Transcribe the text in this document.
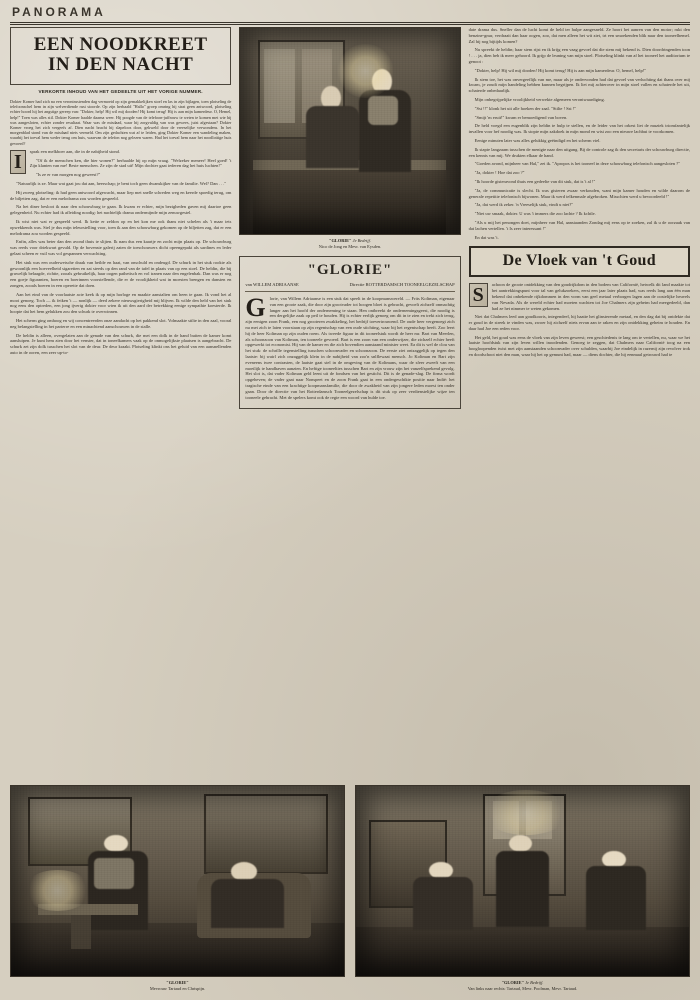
PANORAMA
EEN NOODKREET
IN DEN NACHT
VERKORTE INHOUD VAN HET GEDEELTE UIT HET VORIGE NUMMER.

Dokter Komer had zich na een verontrustenden dag vermoeid op zijn gemakkelijken stoel en las in zijn bijlagen, toen plotseling de telefoonschel hem in zijn welverdiende rust stoorde. Op zijn herhaald "Hallo" groep omring hij strat geen antwoord, plotseling echter hoord hij het angstige gereep van: "Dokter, help! Hij wil mij dooden! Hij komt terug! Hij is aan mijn kamerdeur. O, Hemel, help!" Toen was alles stil. Dokter Komer haalde daarna weer. Hij poogde van de telefoon-juffrouw te weten te komen met wie hij was aangesloten, echter zonder resultaat. Waar was de misdaad, waar hij zorgvuldig van was gewees, juist afgestaan? Dokter Komer vroeg het zich vergeefs af. Dien nacht bracht hij slapeloos door, gekweld door de vreeselijke verwondens. In het morgenblad stond van de misdaad niets vermeld. Om zijn gedachten wat af te leiden, ging Dokter Komer een wandeling maken, waarbij het toeval hem weder terug om huis, waarvan de telefon nog gelezen waren. Had het toeval hem naar het noodlottige huis gevoerd?

I	sprak een melkboer aan, die in de nabijheid stond.

"Of ik de menschen ken, die hier wonen?" herhaalde hij op mijn vraag. "Welzeker meneer! Heel goed! 't Zijn klanten van me! Beste menschen. Ze zijn de stad uit! Mijn dochter gaat iederen dag het huis luchten!"

"Is ze er van morgen nog geweest?"

"Natuurlijk is ze. Maar wat gaat jou dat aan, heerschap; je bent toch geen dwanskijker van de familie. Wel? Dan . . ."

Hij zweeg plotseling: ik had geen antwoord afgewacht, maar liep met snelle schreden weg en keerde spoedig terug, om de biljetten zag, dat er een melodrama zou worden gespeeld.

Na het diner besloot ik naar den schouwburg te gaan. Ik kwam er echter, mijn bezigheden gaven mij daartoe geen gelegenheid. Nu echter had ik afleiding noodig: het nachtelijk drama ondermijnde mijn zenuwgestel.

Ik wist niet wat er gespeeld werd. Ik kette er zeldon op en het kon me ook thans niet schelen als 't maar iets opwekkends was. Stel je dus mijn teleurstelling voor, toen ik aan den schouwburg gekomen op de biljetten zag, dat er een melodrama zou worden gespeeld.

Enfin, alles was beter dan den avond thuis te slijten. Ik nam dus een kaartje en zocht mijn plaats op. De schouwburg was reeds voor driekwart gevuld. Op de bovenste galerij zaten de toeschouwers dicht opeengepakt als sardines en leder gelaat scheen er vuil was vol gespannen verwachting.

Het stuk was een ouderwetsche draak van heilde en haat, van onschuld en ondeugd. De schurk in het stuk rookte als gewoonlijk een hoeveelheid sigaretten en zat steeds op den rand van de tafel in plaats van op een stoel. De heldin, die bij gruwelijk belaagde, richtte, zooals gebruikelijk, haar oogen pathetisch en vol tranen naar den engelenbak. Dan was er nog een goeje figuranten, boeren en boerinnen voorstellende, die er de vroolijkheid wat in moesten brengen en dansten en zongen, zooals boeren in een operette dat doen.

Aan het eind van de voorlaatste acte keek ik op mijn horloge en maakte aanstalten om heen te gaan. Ik vond het al mooi genoeg. Toch — ik feiken 't — nonlijk — deed zekere nieuwsgierigheid mij blijven. Ik wilde den held van het stuk nog eens den optreden, een jong ijverig dokter voor wien ik uit den aard der betrekking eenige sympathie koesterde. Ik hoopte dat het hem gelukken zou den schurk te overwinnen.

Het scherm ging omhoog en wij concentreerden onze aandacht op het pakkend slot. Volmaakte stilte in den zaal, vooral neg belangstelling in het parterre en een minachtend aanschouwen in de stalle.

De heldin is alleen, overgelaten aan de genade van den schurk, die met een dolk in de hand buiten de kamer komt aansluipen. Je kunt hem zien door het venster, dat in toneelkamers vaak op de onmogelijkste plaatsen is aangebracht. De schurk zet zijn dolk tusschen het slot van de deur. De deur kraakt. Plotseling klinkt ons het geluid van een aansnellenden auto in de ooren, een zeer up-to-

"GLORIE" Je Bedrijf.
Nico de Jong en Mevr. van Eysden.
"GLORIE"
van WILLEM ADRIAANSE	Directie ROTTERDAMSCH TOONEELGEZELSCHAP

Glorie, van Willem Adriaanse is een stuk dat speelt in de koopmanswereld. — Frits Koltman, eigenaar van een groote zaak, die door zijn grootvader tot hoogen bloei is gebracht, gevoelt zichzelf onmachtig langer aan het hoofd der onderneming te staan. Hen ontbreekt de ondernemingsgeest, die noodig is een dergelijke zaak op peil te houden. Hij is echter eerlijk genoeg om dit in te zien en trekt zich terug, zijn eenigen zoon Frank, een nog grooteren zwakkeling, het bedrijf toevertrouwend. De oude heer vergenoegt zich nu met zich te laten voorstaan op zijn regentschap van een oude stichting, waar bij het regentschap heeft. Zoo leert hij de heer Koltman op zijn ouden roem. Als tweede figuur in dit tooneelstuk wordt de heer mr. Bart van Meerlen, als schoonzoon van Koltman, ten tooneele gevoerd. Bart is een zoon van een onderwijzer, die zichzelf echter heeft opgewerkt tot economist. Hij van de kamer en die zich bovendien aanstaand minister weet. Ea dit is wel de clou van het stuk: de schrille tegenstelling tusschen schoonvader en schoonzoon. De eerste ziet ontzaggelijk op tegen den laatste: bij wairl zich onzaggelijk klein in de nabijheid van zoo'n snlflewaat mensch. Jo Koltman en Bart zijn eveneens twee contrasten, de laatste gaat stel in de omgeving van de Koltmans, waar de sfeer zweeft van een moeilijk te handhaven aanzien. En heftige tooneelties tusschen Bart en zijn vrouw zijn het vanzelfsprekend gevolg. Het slot is, dat vader Koltman geld leent uit de fondsen van het gesticht. Dit is de genade-slag. De firma wordt opgeheven; de vader gaat naar Nonspeet en de zoon Frank gaat in een ondergeschikte positie naar Indië: het tragische einde van een krachtige koopmansfamilie, die door de zwakheid van zijn jongere leden moest ten onder gaan. Door de directie van het Rotterdamsch Tooneelgezelschap is dit stuk op zeer verdienstelijke wijze ten tooneele gebracht. Met de spelers komt ook de regie een woord van hulde toe.

date drama dus. Sneller dan de lucht komt de held ter hulpe aangesneld. Ze hoort het aanren van den motor; rukt den benzine-gnur, verdraait dan haar oogen, zoo, dat men alleen het wit ziet, trt een smoekenden blik naar den tooneelhemel. Zal hij nog bijtijds komen?

Nu spreekt de heldin; haar stem rijst en ik krijg een vaag gevoel dat die stem mij bekend is. Dien doordringenden toon ! . . . ja, dien heb ik meer gehoord. Ik grijp de leuning van mijn stoel. Plotseling klinkt van af het tooneel het auditorium te genoot :

"Dokter, help! Hij wil mij dooden! Hij komt terug! Hij is aan mijn kamerdeur. O, hemel, help!"

Ik stem toe, het was onvergeeflijk van me, maar als je ondervonden had dat gevoel van verluchting dat thans over mij kwam, je zoudt mijn handeling hebben kunnen begrijpen. Ik liet mij achterover in mijn stoel vallen en schaterde het uit, schaterde onbedaarlijk.

Mijn onbegrijpelijke vroolijkheid verwekte algemeen verontwaardiging.

"Sst !!" klonk het uit alle hoeken der zaal. "Stilte ! Sst !"

"Smijt 'm eruit!" kwam er bemoedigend van boven.

De held voegd een eugenblik zijn heldin te hulp te stellen, en de leider van het orkest liet de muziek triomfantelijk invallen voor hef noodig was. Ik stopte mijn zakdoek in mijn mond en wist zoo een nieuwe lachbui te voorkomen.

Eenige minuten later was alles gelukkig geëindigd en het scherm viel.

Ik stapte langzaam tusschen de menigte naar den uitgang. Bij de controle zag ik den secretaris der schouwburg directie, een kennis van mij. We drukten elkaar de hand.

"Goeden avond, mijnheer van Hal," zei ik. "Apropos is het tooneel in deze schouwburg telefonisch aangesloten ?"

"Ja, dokter ! Hoe dat zoo ?"

"Ik hoorde gisteravond thuis een gedeelte van dit stuk, dat is 't al !"

"Ja, de communicatie is slecht. Ik was gisteren zwaar verkouden, want mijn kamer houden en wilde daarom de generale repetitie telefonisch bijwonen. Maar ik werd telkenmale afgebroken. Misschien werd u bevoordeeld !"

"Ja, dat werd ik zeker. 'n Vreeselijk stuk, vindt u niet?"

"Niet uw smaak, dokter. U was 't immers die zoo lachte ? Ik kchtle.

"Als u mij het penongen doet, mijnheer van Hal, aanstaanden Zondag mij eens op te zoeken, zal ik u de oorzaak van dat lachen vertellen. 't Is zeer interessant !"

En dat was 't.

De Vloek van 't Goud

S	achoon de groote ontdekking van den goudrijkdom in den bodem van Californië, hetwelk dit land maakte tot het aantrekkingspunt voor tal van gelukzoekers, eerst een jaar later plaats had, was reeds lang aan één man bekend dat onbekende rijkdommen in den vorm van geel metaal verborgen lagen aan de oostelijke heuvels van Nevada. Als de wereld echter had moeten wachten tot Joe Chalmers zijn geheim had meegedeeld, dan had ze het nimmer te weten gekomen.

Niet dat Chalmers leed aan goudkoorts, integendeel, hij haatte het glinsterende metaal, en den dag dat bij ontdekte dat er goud in de streek te vinden was, zwoer hij zichzelf niets ervan aan te raken en zijn ontdekking geheim te houden. En daar had Joe een reden voor.

Het geld, het goud was eens de vloek van zijn leven geweest; een geschiedenis te lang om te vertellen, nu, waar we het laatste hoofdstuk van zijn leven willen inoodenden. Genoeg te zeggen, dat Chalmers naar Californië toog na een hoogloopenden twist met zijn aanstaanden schoonvader over schulden, waarbij Joe eindelijk in razernij zijn revolver trok en doodschoot niet den man, waar hij het op gemunt had, maar — diens dochter, die hij eenmaal getrouwd had te

"GLORIE"
Mevrouw Tartaud en Chrispijn.
"GLORIE" Je Bedrijf.
Van links naar rechts: Tartaud, Mevr. Poolman, Mevr. Tartaud.
